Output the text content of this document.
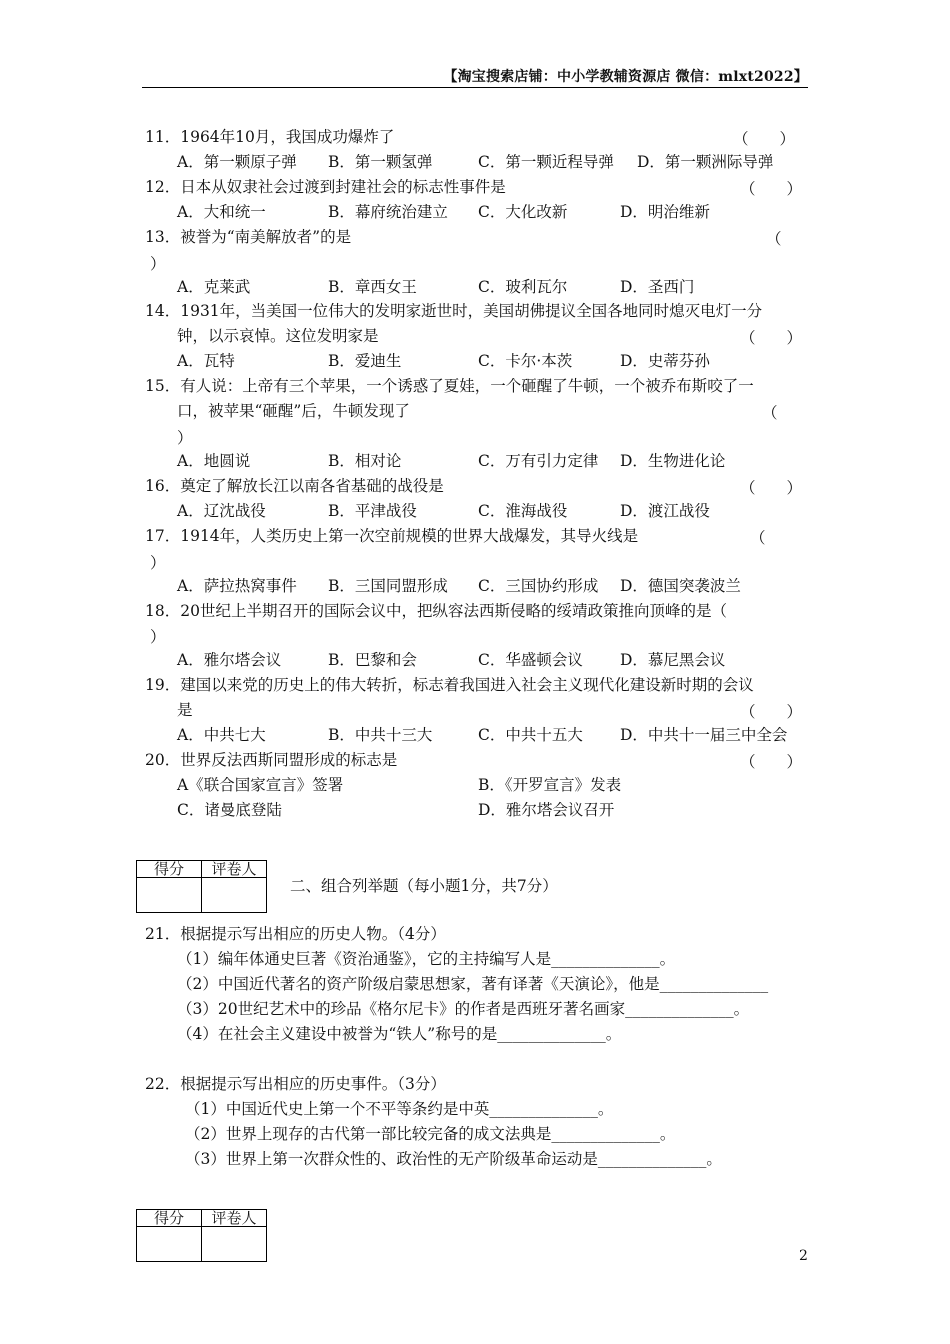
【淘宝搜索店铺：中小学教辅资源店 微信：mlxt2022】
11．1964年10月，我国成功爆炸了	（　　）
A．第一颗原子弹 B．第一颗氢弹	C．第一颗近程导弹 D．第一颗洲际导弹
12．日本从奴隶社会过渡到封建社会的标志性事件是	（　　）
A．大和统一	B．幕府统治建立 C．大化改新	D．明治维新
13．被誉为“南美解放者”的是	（
）
A．克莱武	B．章西女王	C．玻利瓦尔	D．圣西门
14．1931年，当美国一位伟大的发明家逝世时，美国胡佛提议全国各地同时熄灭电灯一分
钟，以示哀悼。这位发明家是	（　　）
A．瓦特	B．爱迪生	C．卡尔·本茨	D．史蒂芬孙
15．有人说：上帝有三个苹果，一个诱惑了夏娃，一个砸醒了牛顿，一个被乔布斯咬了一
口，被苹果“砸醒”后，牛顿发现了	（
）
A．地圆说	B．相对论	C．万有引力定律 D．生物进化论
16．奠定了解放长江以南各省基础的战役是	（　　）
A．辽沈战役	B．平津战役	C．淮海战役	D．渡江战役
17．1914年，人类历史上第一次空前规模的世界大战爆发，其导火线是	（
）
A．萨拉热窝事件 B．三国同盟形成 C．三国协约形成 D．德国突袭波兰
18．20世纪上半期召开的国际会议中，把纵容法西斯侵略的绥靖政策推向顶峰的是（
）
A．雅尔塔会议	B．巴黎和会	C．华盛顿会议 D．慕尼黑会议
19．建国以来党的历史上的伟大转折，标志着我国进入社会主义现代化建设新时期的会议
是	（　　）
A．中共七大	B．中共十三大	C．中共十五大 D．中共十一届三中全会
20．世界反法西斯同盟形成的标志是	（　　）
A《联合国家宣言》签署	B．《开罗宣言》发表
C．诸曼底登陆	D．雅尔塔会议召开
得分	评卷人

二、组合列举题（每小题1分，共7分）
21．根据提示写出相应的历史人物。（4分）
（1）编年体通史巨著《资治通鉴》，它的主持编写人是______________。
（2）中国近代著名的资产阶级启蒙思想家，著有译著《天演论》，他是______________
（3）20世纪艺术中的珍品《格尔尼卡》的作者是西班牙著名画家______________。
（4）在社会主义建设中被誉为“铁人”称号的是______________。
22．根据提示写出相应的历史事件。（3分）
（1）中国近代史上第一个不平等条约是中英______________。
（2）世界上现存的古代第一部比较完备的成文法典是______________。
（3）世界上第一次群众性的、政治性的无产阶级革命运动是______________。
得分	评卷人

2
